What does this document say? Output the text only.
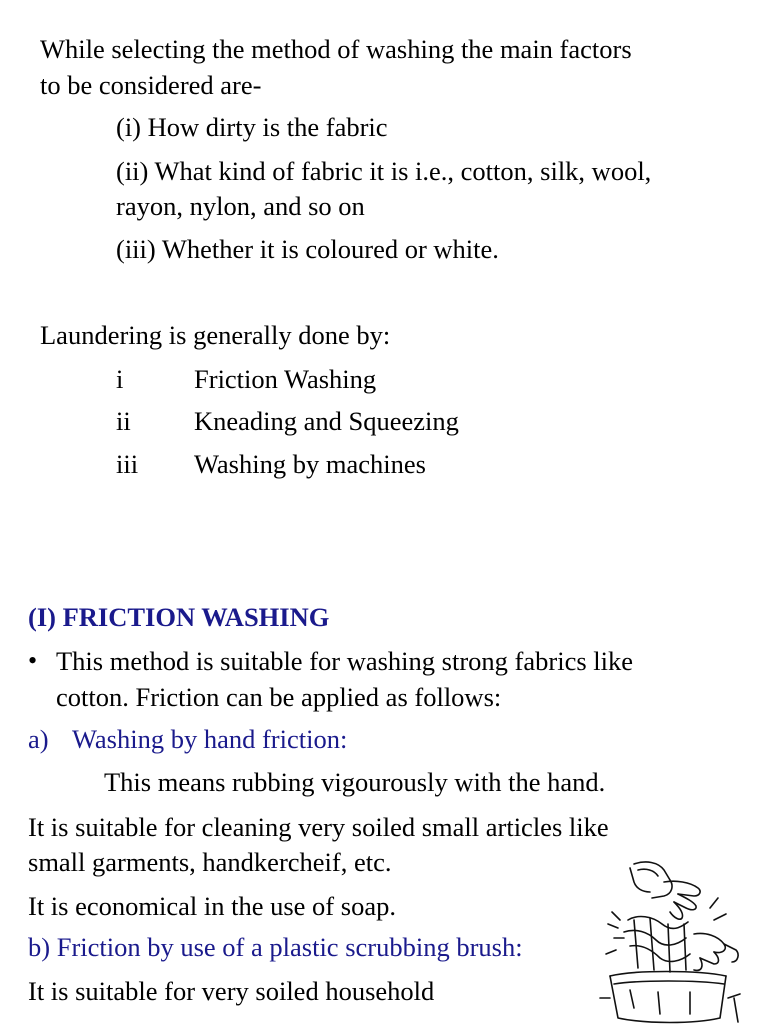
While selecting the method of washing the main factors

to be considered are-

(i) How dirty is the fabric

(ii) What kind of fabric it is i.e., cotton, silk, wool,

rayon, nylon, and so on

(iii) Whether it is coloured or white.

Laundering is generally done by:

i	Friction Washing

ii Kneading and Squeezing

iii Washing by machines

(I) FRICTION WASHING

• This method is suitable for washing strong fabrics like

cotton. Friction can be applied as follows:

a) Washing by hand friction:

This means rubbing vigourously with the hand.

It is suitable for cleaning very soiled small articles like

small garments, handkercheif, etc.

It is economical in the use of soap.

b) Friction by use of a plastic scrubbing brush:

It is suitable for very soiled household
